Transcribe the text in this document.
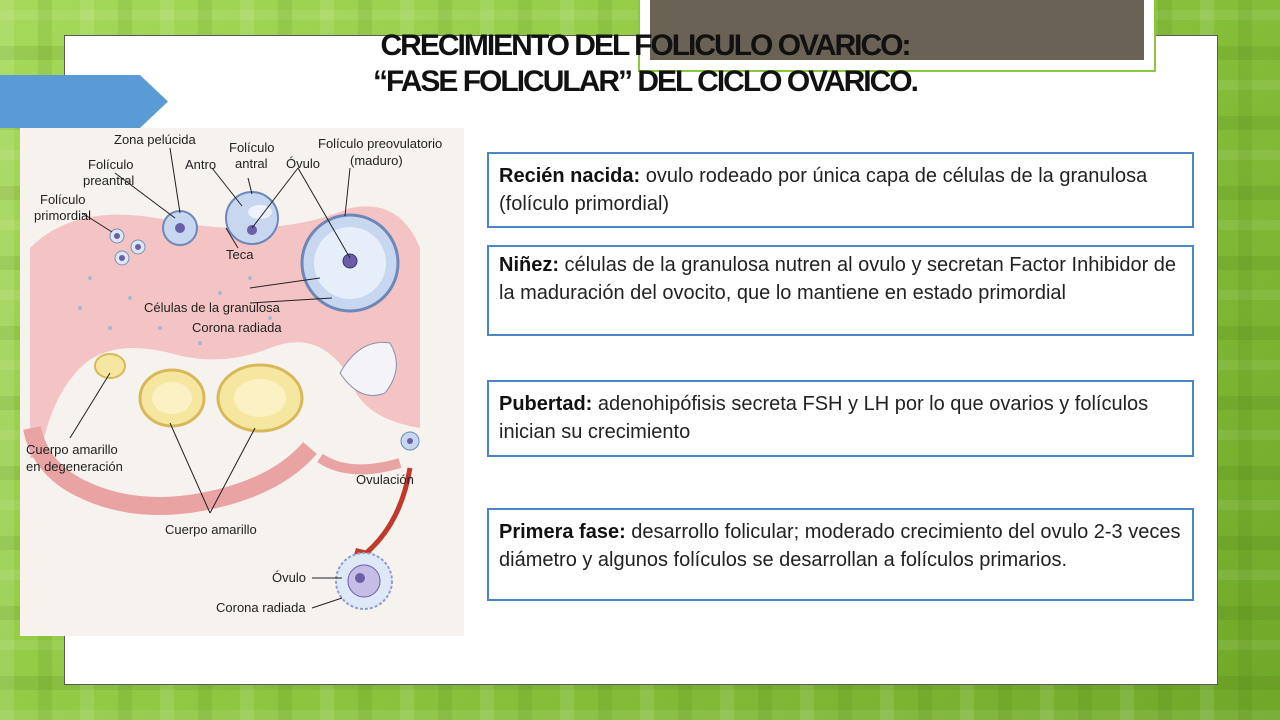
CRECIMIENTO DEL FOLICULO OVARICO:
“FASE FOLICULAR” DEL CICLO OVARICO.
Zona pelúcida
Folículo
preantral
Folículo
primordial
Antro
Folículo
antral Óvulo
Folículo preovulatorio
(maduro)
Teca
Células de la granulosa
Corona radiada
Cuerpo amarillo
en degeneración
Ovulación
Cuerpo amarillo
Óvulo
Corona radiada
Recién nacida: ovulo rodeado por única capa de células de la granulosa (folículo primordial)
Niñez: células de la granulosa nutren al ovulo y secretan Factor Inhibidor de la maduración del ovocito, que lo mantiene en estado primordial
Pubertad: adenohipófisis secreta FSH y LH por lo que ovarios y folículos inician su crecimiento
Primera fase: desarrollo folicular; moderado crecimiento del ovulo 2-3 veces diámetro y algunos folículos se desarrollan a folículos primarios.
